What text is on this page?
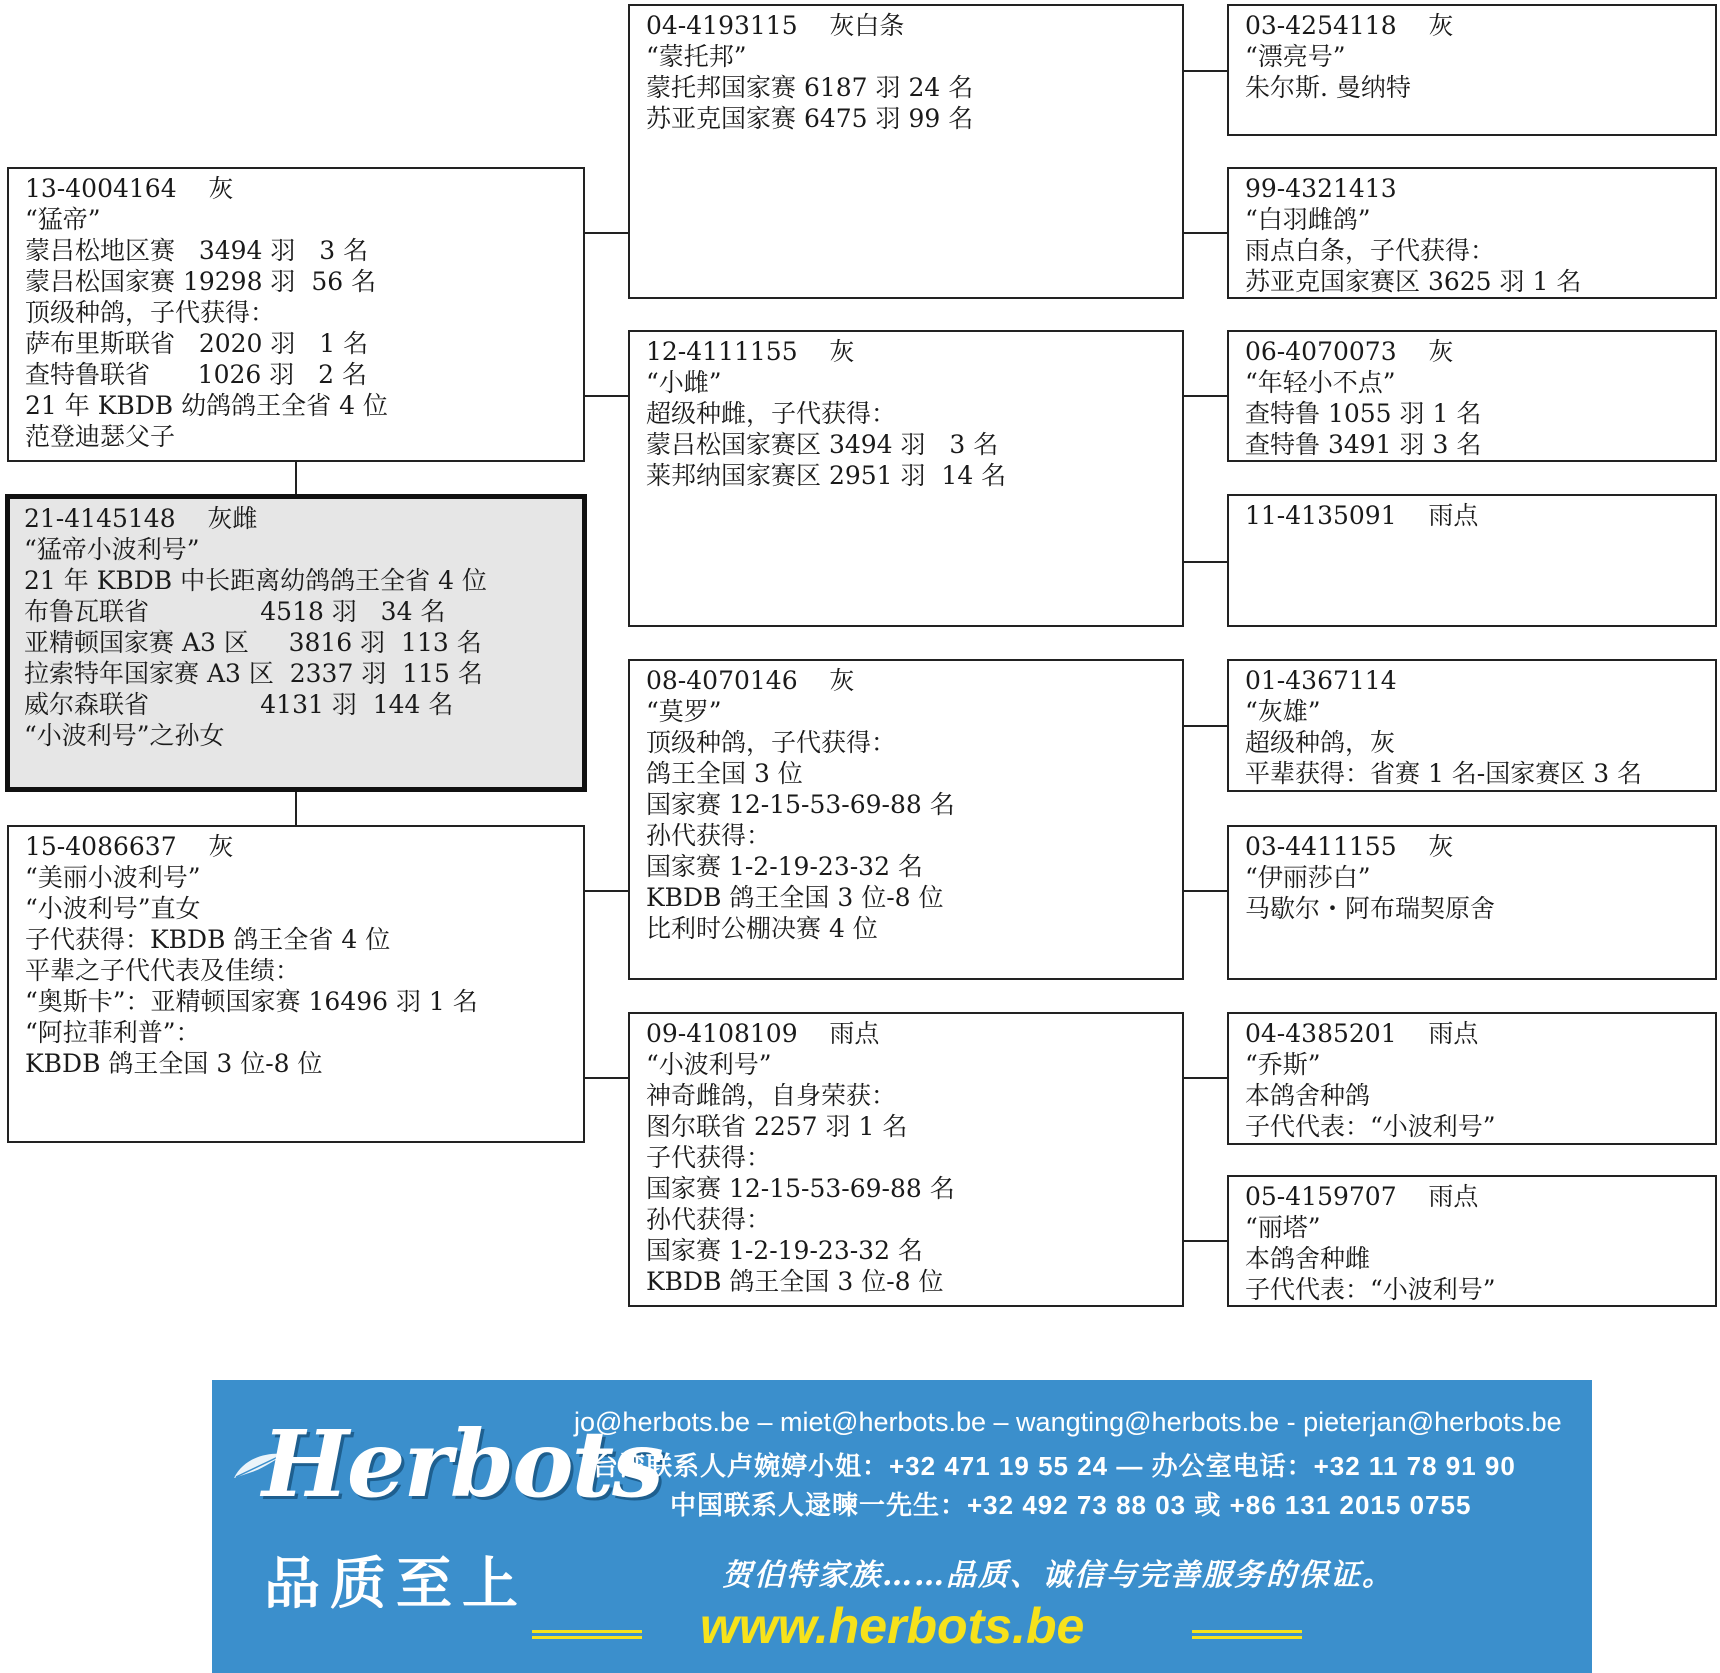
13-4004164    灰
“猛帝”
蒙吕松地区赛   3494 羽   3 名
蒙吕松国家赛 19298 羽  56 名
顶级种鸽，子代获得：
萨布里斯联省   2020 羽   1 名
查特鲁联省      1026 羽   2 名
21 年 KBDB 幼鸽鸽王全省 4 位
范登迪瑟父子
21-4145148    灰雌
“猛帝小波利号”
21 年 KBDB 中长距离幼鸽鸽王全省 4 位
布鲁瓦联省              4518 羽   34 名
亚精顿国家赛 A3 区     3816 羽  113 名
拉索特年国家赛 A3 区  2337 羽  115 名
威尔森联省              4131 羽  144 名
“小波利号”之孙女
15-4086637    灰
“美丽小波利号”
“小波利号”直女
子代获得：KBDB 鸽王全省 4 位
平辈之子代代表及佳绩：
“奥斯卡”：亚精顿国家赛 16496 羽 1 名
“阿拉菲利普”：
KBDB 鸽王全国 3 位-8 位
04-4193115    灰白条
“蒙托邦”
蒙托邦国家赛 6187 羽 24 名
苏亚克国家赛 6475 羽 99 名
12-4111155    灰
“小雌”
超级种雌，子代获得：
蒙吕松国家赛区 3494 羽   3 名
莱邦纳国家赛区 2951 羽  14 名
08-4070146    灰
“莫罗”
顶级种鸽，子代获得：
鸽王全国 3 位
国家赛 12-15-53-69-88 名
孙代获得：
国家赛 1-2-19-23-32 名
KBDB 鸽王全国 3 位-8 位
比利时公棚决赛 4 位
09-4108109    雨点
“小波利号”
神奇雌鸽，自身荣获：
图尔联省 2257 羽 1 名
子代获得：
国家赛 12-15-53-69-88 名
孙代获得：
国家赛 1-2-19-23-32 名
KBDB 鸽王全国 3 位-8 位
03-4254118    灰
“漂亮号”
朱尔斯. 曼纳特
99-4321413
“白羽雌鸽”
雨点白条，子代获得：
苏亚克国家赛区 3625 羽 1 名
06-4070073    灰
“年轻小不点”
查特鲁 1055 羽 1 名
查特鲁 3491 羽 3 名
11-4135091    雨点
01-4367114
“灰雄”
超级种鸽，灰
平辈获得：省赛 1 名-国家赛区 3 名
03-4411155    灰
“伊丽莎白”
马歇尔・阿布瑞契原舍
04-4385201    雨点
“乔斯”
本鸽舍种鸽
子代代表：“小波利号”
05-4159707    雨点
“丽塔”
本鸽舍种雌
子代代表：“小波利号”
Herbots
品质至上
jo@herbots.be – miet@herbots.be – wangting@herbots.be - pieterjan@herbots.be
台湾联系人卢婉婷小姐：+32 471 19 55 24 — 办公室电话：+32 11 78 91 90
中国联系人逯暕一先生：+32 492 73 88 03 或 +86 131 2015 0755
贺伯特家族……品质、诚信与完善服务的保证。
www.herbots.be
